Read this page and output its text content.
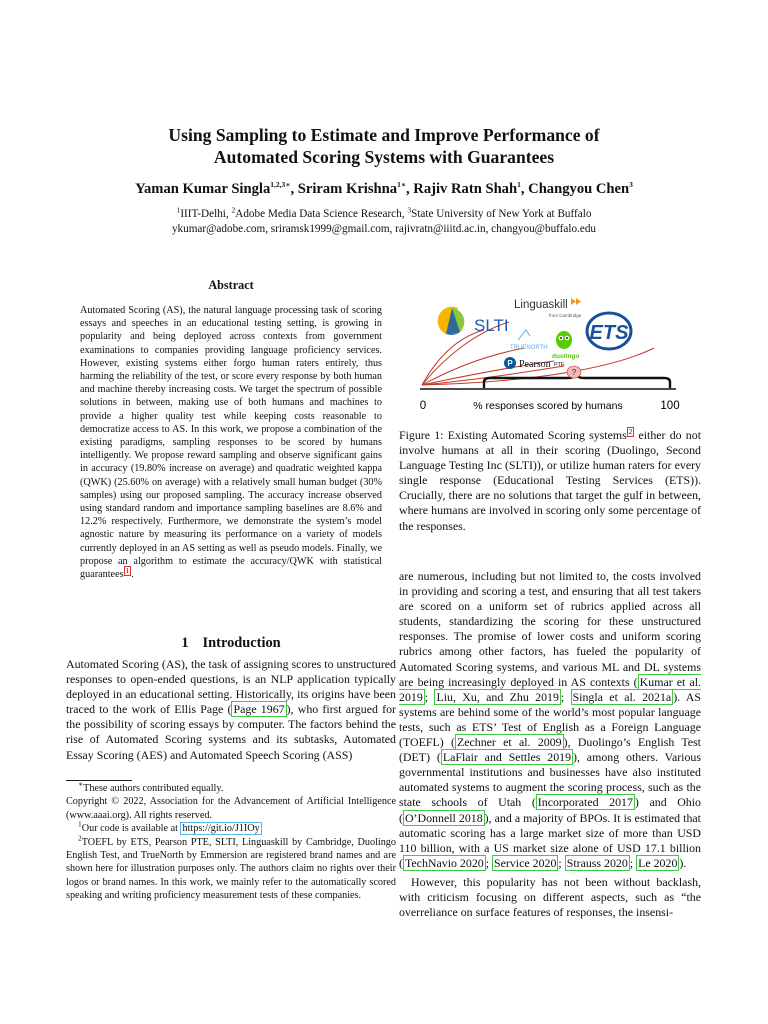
Using Sampling to Estimate and Improve Performance of
Automated Scoring Systems with Guarantees
Yaman Kumar Singla$^{1,2,3∗}$, Sriram Krishna$^{1∗}$, Rajiv Ratn Shah$^1$, Changyou Chen$^3$
$^1$IIIT-Delhi, $^2$Adobe Media Data Science Research, $^3$State University of New York at Buffalo
ykumar@adobe.com, sriramsk1999@gmail.com, rajivratn@iiitd.ac.in, changyou@buffalo.edu
Abstract
Automated Scoring (AS), the natural language processing task of scoring essays and speeches in an educational testing setting, is growing in popularity and being deployed across contexts from government examinations to companies providing language proficiency services. However, existing systems either forgo human raters entirely, thus harming the reliability of the test, or score every response by both human and machine thereby increasing costs. We target the spectrum of possible solutions in between, making use of both humans and machines to provide a higher quality test while keeping costs reasonable to democratize access to AS. In this work, we propose a combination of the existing paradigms, sampling responses to be scored by humans intelligently. We propose reward sampling and observe significant gains in accuracy (19.80% increase on average) and quadratic weighted kappa (QWK) (25.60% on average) with a relatively small human budget (30% samples) using our proposed sampling. The accuracy increase observed using standard random and importance sampling baselines are 8.6% and 12.2% respectively. Furthermore, we demonstrate the system’s model agnostic nature by measuring its performance on a variety of models currently deployed in an AS setting as well as pseudo models. Finally, we propose an algorithm to estimate the accuracy/QWK with statistical guarantees $^1$ .
1 Introduction
Automated Scoring (AS), the task of assigning scores to unstructured responses to open-ended questions, is an NLP application typically deployed in an educational setting. Historically, its origins have been traced to the work of Ellis Page ( Page 1967 ), who first argued for the possibility of scoring essays by computer. The factors behind the rise of Automated Scoring systems and its subtasks, Automated Essay Scoring (AES) and Automated Speech Scoring (ASS)

∗These authors contributed equally.

Copyright © 2022, Association for the Advancement of Artificial Intelligence (www.aaai.org). All rights reserved.

$^1$Our code is available at https://git.io/J1IOy

$^2$TOEFL by ETS, Pearson PTE, SLTI, Linguaskill by Cambridge, Duolingo English Test, and TrueNorth by Emmersion are registered brand names and are shown here for illustration purposes only. The authors claim no rights over their logos or brand names. In this work, we mainly refer to the automatically scored speaking and writing proficiency measurement tests of these companies.

0	% responses scored by humans	100
SLTI
Linguaskill
from Cambridge
TRUENORTH
duolingo
ETS
P Pearson PTE
?
Figure 1: Existing Automated Scoring systems $^2$ either do not involve humans at all in their scoring (Duolingo, Second Language Testing Inc (SLTI)), or utilize human raters for every single response (Educational Testing Services (ETS)). Crucially, there are no solutions that target the gulf in between, where humans are involved in scoring only some percentage of the responses.

are numerous, including but not limited to, the costs involved in providing and scoring a test, and ensuring that all test takers are scored on a uniform set of rubrics applied across all students, standardizing the scoring for these unstructured responses. The promise of lower costs and uniform scoring rubrics among other factors, has fueled the popularity of Automated Scoring systems, and various ML and DL systems are being increasingly deployed in AS contexts ( Kumar et al. 2019 ; Liu, Xu, and Zhu 2019 ; Singla et al. 2021a ). AS systems are behind some of the world’s most popular language tests, such as ETS’ Test of English as a Foreign Language (TOEFL) ( Zechner et al. 2009 ), Duolingo’s English Test (DET) ( LaFlair and Settles 2019 ), among others. Various governmental institutions and businesses have also instituted automated systems to augment the scoring process, such as the state schools of Utah ( Incorporated 2017 ) and Ohio ( O’Donnell 2018 ), and a majority of BPOs. It is estimated that automatic scoring has a large market size of more than USD 110 billion, with a US market size alone of USD 17.1 billion ( TechNavio 2020 ; Service 2020 ; Strauss 2020 ; Le 2020 ).

However, this popularity has not been without backlash, with criticism focusing on different aspects, such as “the overreliance on surface features of responses, the insensi-
